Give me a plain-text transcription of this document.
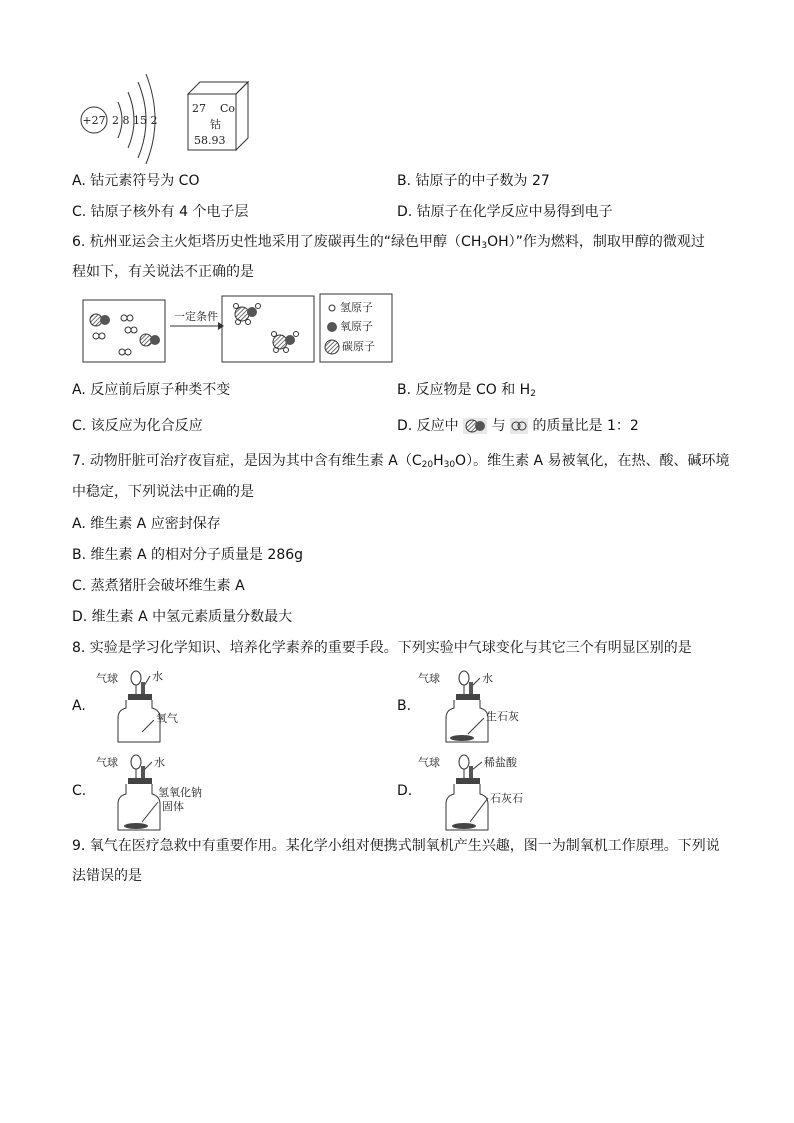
+27 2 8 15 2
27 Co
钴
58.93
A. 钴元素符号为 CO	B. 钴原子的中子数为 27
C. 钴原子核外有 4 个电子层	D. 钴原子在化学反应中易得到电子
6. 杭州亚运会主火炬塔历史性地采用了废碳再生的“绿色甲醇$(CH_3OH)$”作为燃料，制取甲醇的微观过
程如下，有关说法不正确的是
一定条件
氢原子
氧原子
碳原子
A. 反应前后原子种类不变	B. 反应物是 CO 和 $H_2$
C. 该反应为化合反应	D. 反应中 与 的质量比是 1：2
7. 动物肝脏可治疗夜盲症，是因为其中含有维生素 $A(C_{20}H_{30}O)$。维生素 A 易被氧化，在热、酸、碱环境
中稳定，下列说法中正确的是
A. 维生素 A 应密封保存
B. 维生素 A 的相对分子质量是 286g
C. 蒸煮猪肝会破坏维生素 A
D. 维生素 A 中氢元素质量分数最大
8. 实验是学习化学知识、培养化学素养的重要手段。下列实验中气球变化与其它三个有明显区别的是
A.
气球	水
氧气
B.
气球	水
生石灰
C.
气球	水
氢氧化钠
固体
D.
气球	稀盐酸
石灰石
9. 氧气在医疗急救中有重要作用。某化学小组对便携式制氧机产生兴趣，图一为制氧机工作原理。下列说
法错误的是
